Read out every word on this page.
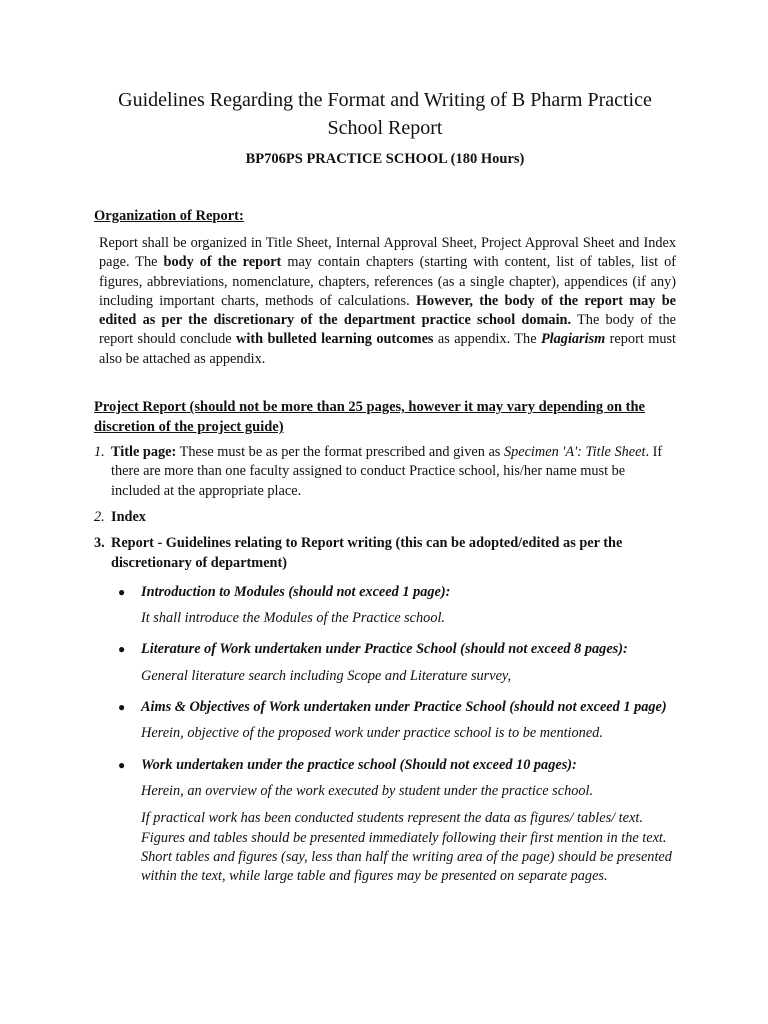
Guidelines Regarding the Format and Writing of B Pharm Practice School Report
BP706PS PRACTICE SCHOOL (180 Hours)
Organization of Report:

Report shall be organized in Title Sheet, Internal Approval Sheet, Project Approval Sheet and Index page. The body of the report may contain chapters (starting with content, list of tables, list of figures, abbreviations, nomenclature, chapters, references (as a single chapter), appendices (if any) including important charts, methods of calculations. However, the body of the report may be edited as per the discretionary of the department practice school domain. The body of the report should conclude with bulleted learning outcomes as appendix. The Plagiarism report must also be attached as appendix.

Project Report (should not be more than 25 pages, however it may vary depending on the discretion of the project guide)
1. Title page: These must be as per the format prescribed and given as Specimen 'A': Title Sheet. If there are more than one faculty assigned to conduct Practice school, his/her name must be included at the appropriate place.
2. Index
3. Report - Guidelines relating to Report writing (this can be adopted/edited as per the discretionary of department)
● Introduction to Modules (should not exceed 1 page):
It shall introduce the Modules of the Practice school.
● Literature of Work undertaken under Practice School (should not exceed 8 pages):
General literature search including Scope and Literature survey,
● Aims & Objectives of Work undertaken under Practice School (should not exceed 1 page)
Herein, objective of the proposed work under practice school is to be mentioned.
● Work undertaken under the practice school (Should not exceed 10 pages):
Herein, an overview of the work executed by student under the practice school.
If practical work has been conducted students represent the data as figures/ tables/ text. Figures and tables should be presented immediately following their first mention in the text. Short tables and figures (say, less than half the writing area of the page) should be presented within the text, while large table and figures may be presented on separate pages.
